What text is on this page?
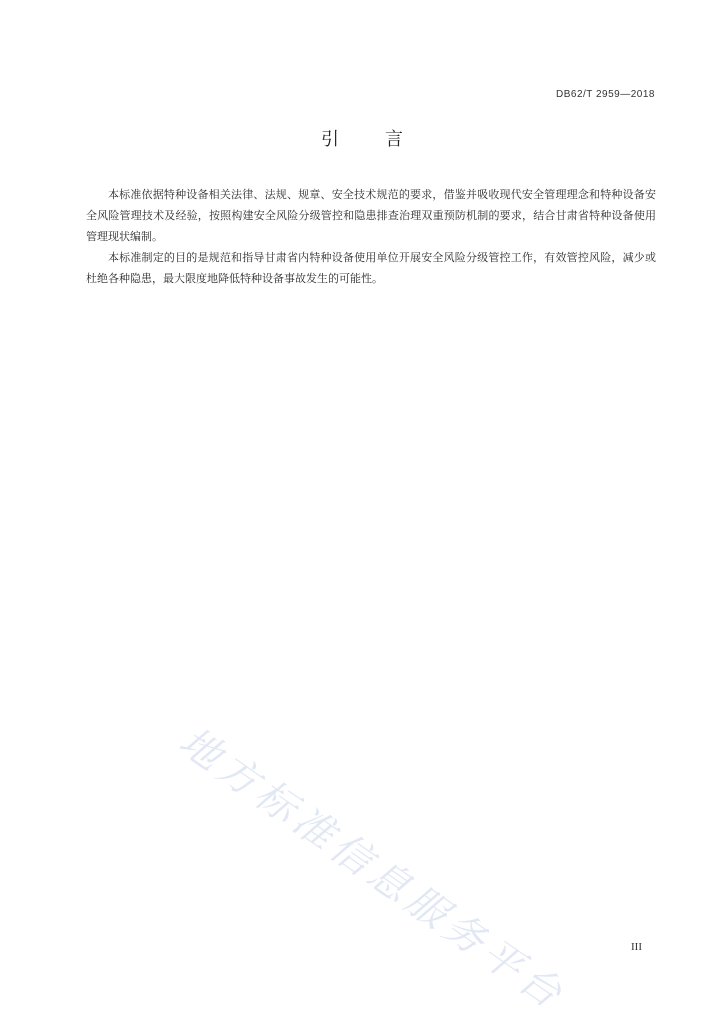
DB62/T 2959—2018
引言

本标准依据特种设备相关法律、法规、规章、安全技术规范的要求，借鉴并吸收现代安全管理理念和特种设备安全风险管理技术及经验，按照构建安全风险分级管控和隐患排查治理双重预防机制的要求，结合甘肃省特种设备使用管理现状编制。

本标准制定的目的是规范和指导甘肃省内特种设备使用单位开展安全风险分级管控工作，有效管控风险，减少或杜绝各种隐患，最大限度地降低特种设备事故发生的可能性。

地方标准信息服务平台	III
